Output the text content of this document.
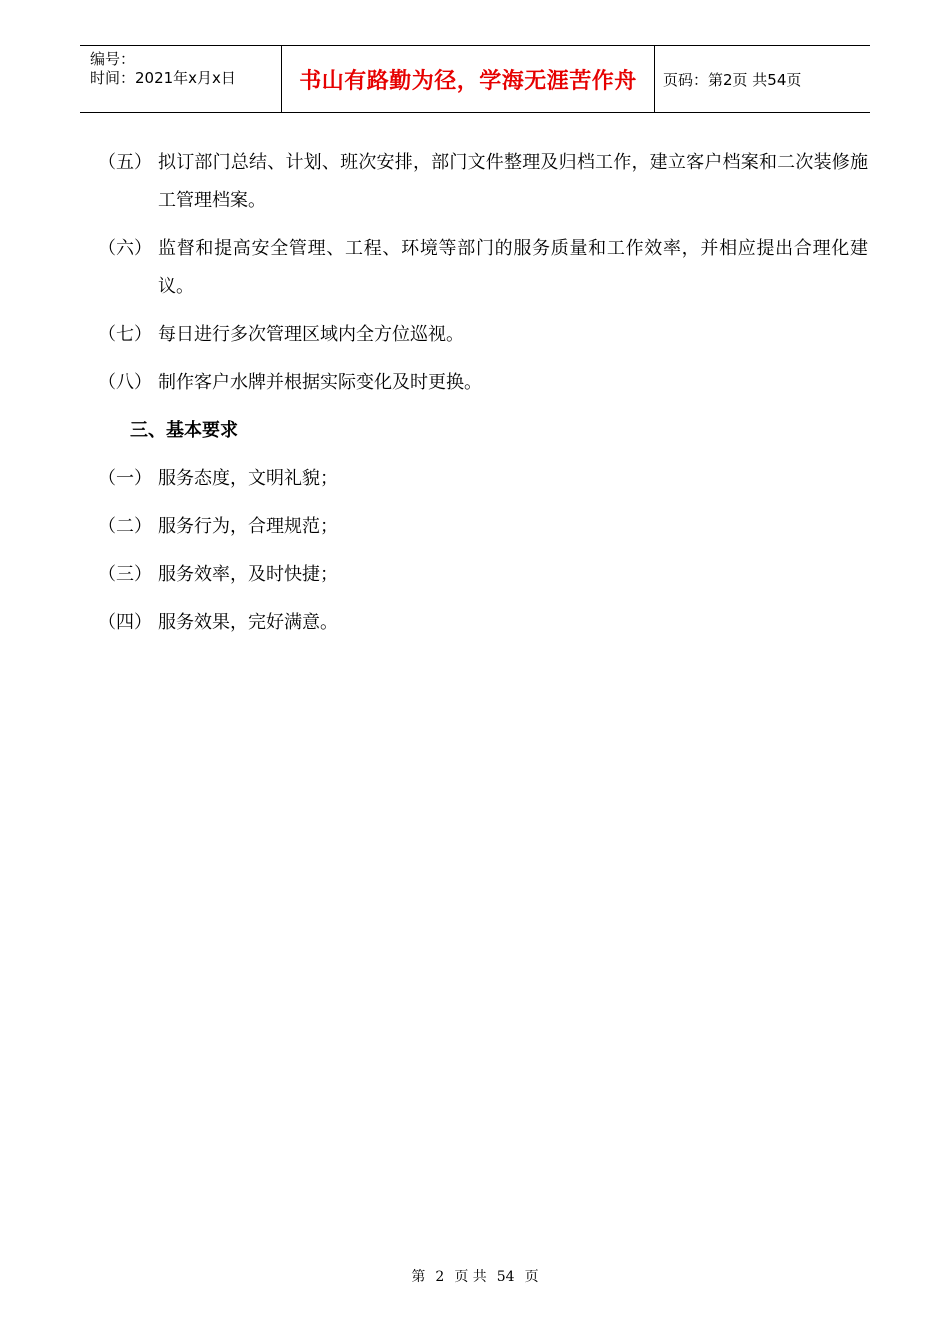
编号：
时间：2021年x月x日	书山有路勤为径，学海无涯苦作舟 页码：第2页 共54页
（五） 拟订部门总结、计划、班次安排，部门文件整理及归档工作，建立客户档案和二次装修施工管理档案。
（六） 监督和提高安全管理、工程、环境等部门的服务质量和工作效率，并相应提出合理化建议。
（七） 每日进行多次管理区域内全方位巡视。
（八） 制作客户水牌并根据实际变化及时更换。
三、基本要求
（一） 服务态度，文明礼貌；
（二） 服务行为，合理规范；
（三） 服务效率，及时快捷；
（四） 服务效果，完好满意。
第 2 页 共 54 页
